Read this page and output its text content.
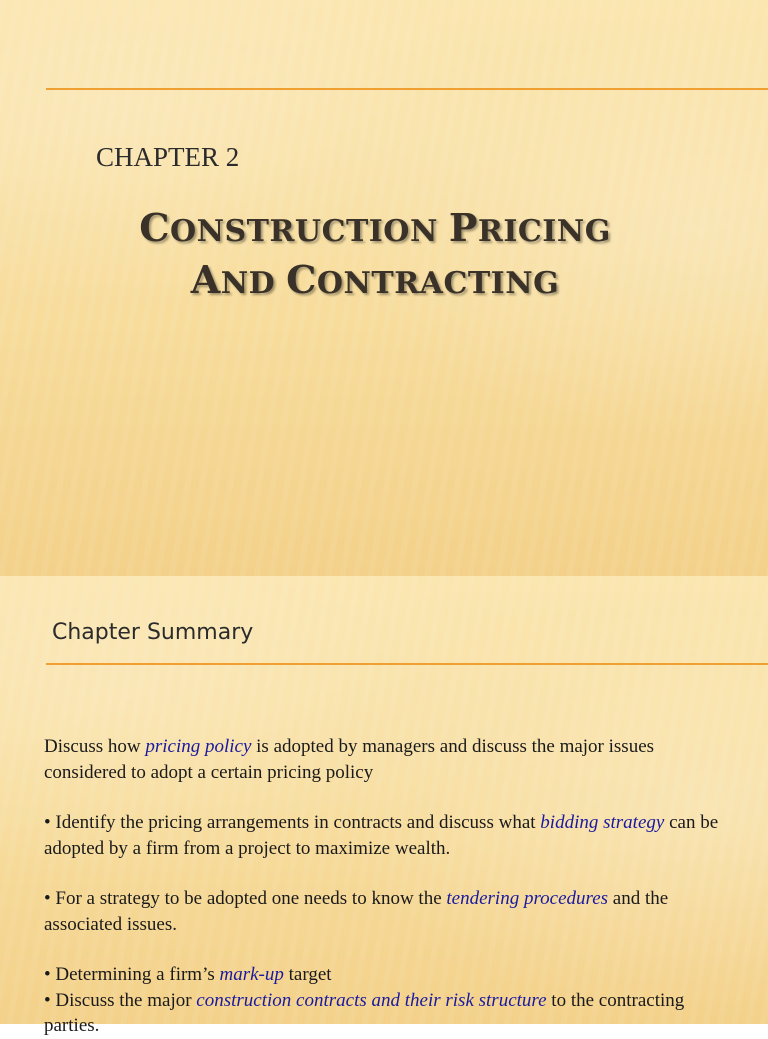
CHAPTER 2
CONSTRUCTION PRICING
AND CONTRACTING
Chapter Summary

Discuss how pricing policy is adopted by managers and discuss the major issues considered to adopt a certain pricing policy

• Identify the pricing arrangements in contracts and discuss what bidding strategy can be adopted by a firm from a project to maximize wealth.

• For a strategy to be adopted one needs to know the tendering procedures and the associated issues.

• Determining a firm’s mark-up target

• Discuss the major construction contracts and their risk structure to the contracting parties.
